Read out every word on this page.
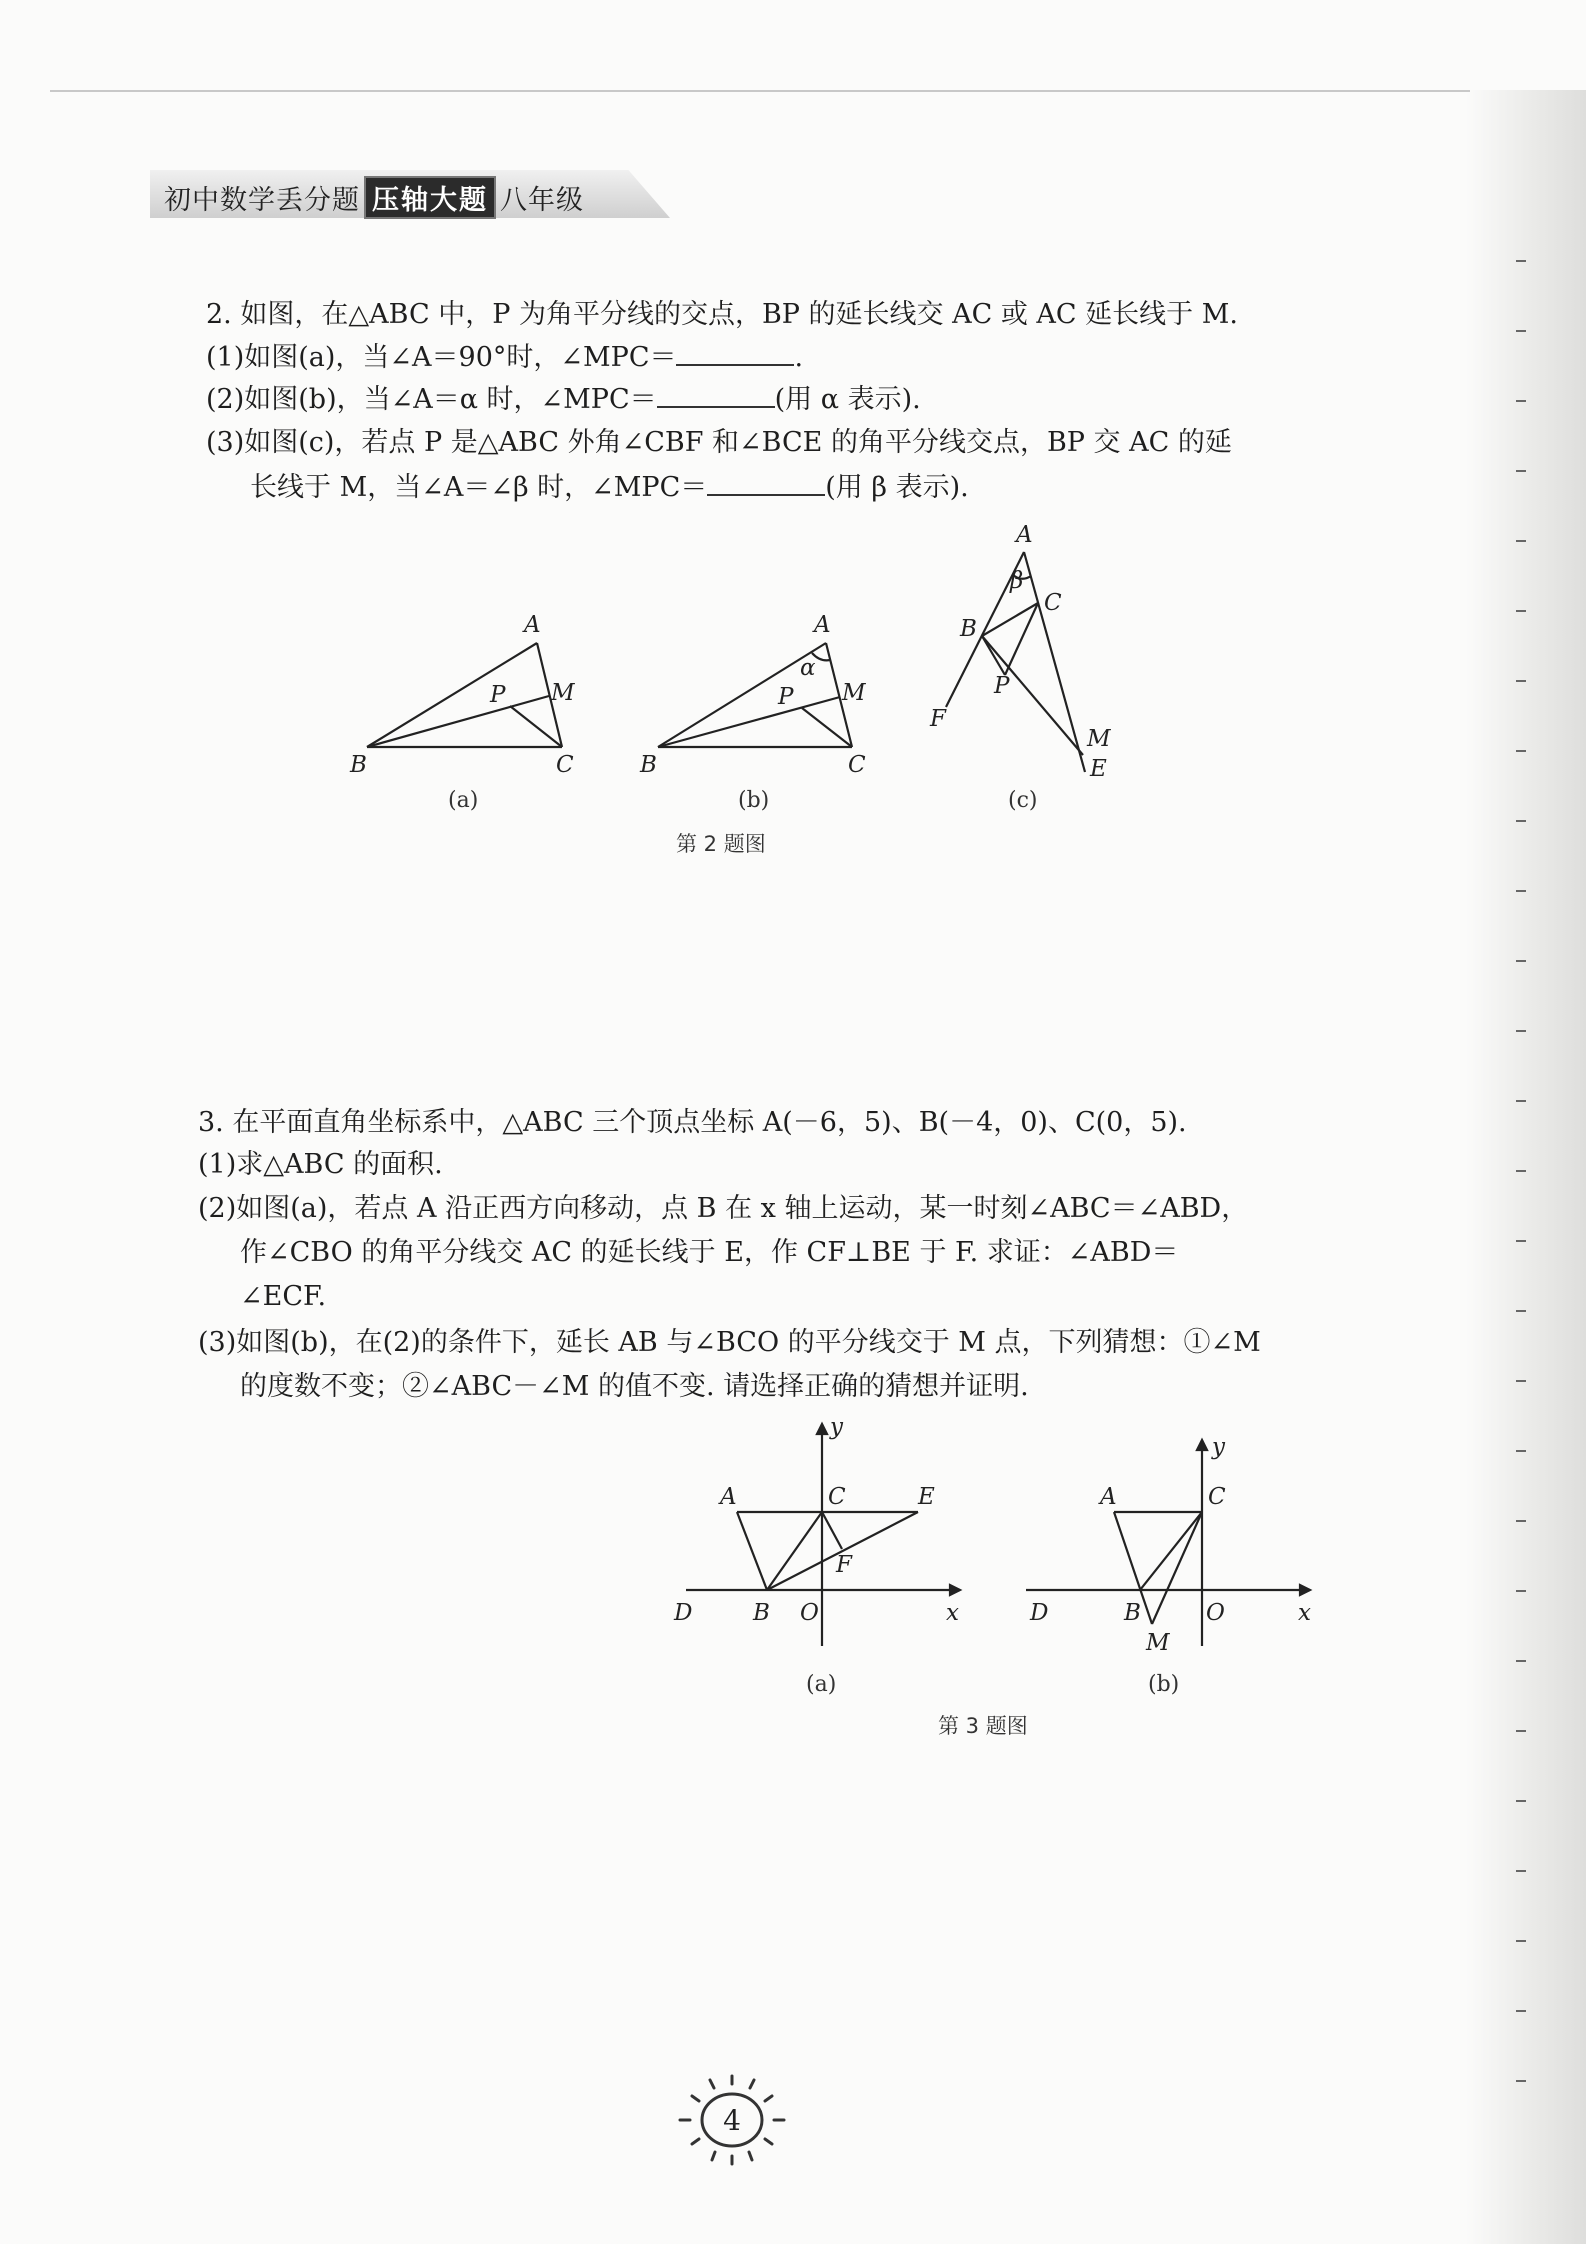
初中数学丢分题 压轴大题 八年级
2. 如图，在△ABC 中，P 为角平分线的交点，BP 的延长线交 AC 或 AC 延长线于 M.
(1)如图(a)，当∠A＝90°时，∠MPC＝	.
(2)如图(b)，当∠A＝α 时，∠MPC＝	(用 α 表示).
(3)如图(c)，若点 P 是△ABC 外角∠CBF 和∠BCE 的角平分线交点，BP 交 AC 的延
长线于 M，当∠A＝∠β 时，∠MPC＝	(用 β 表示).
A
B	C
P M
A
B	C
P M
α
A
β
B
C
P
F
M
E
(a)	(b)	(c)
第 2 题图
3. 在平面直角坐标系中，△ABC 三个顶点坐标 A(－6，5)、B(－4，0)、C(0，5).
(1)求△ABC 的面积.
(2)如图(a)，若点 A 沿正西方向移动，点 B 在 x 轴上运动，某一时刻∠ABC＝∠ABD，
作∠CBO 的角平分线交 AC 的延长线于 E，作 CF⊥BE 于 F. 求证：∠ABD＝
∠ECF.
(3)如图(b)，在(2)的条件下，延长 AB 与∠BCO 的平分线交于 M 点，下列猜想：①∠M
的度数不变；②∠ABC－∠M 的值不变. 请选择正确的猜想并证明.
A	C	E
F
D	B O	x
y
A	C
D	B	O	x
y
M
(a)	(b)
第 3 题图
4
